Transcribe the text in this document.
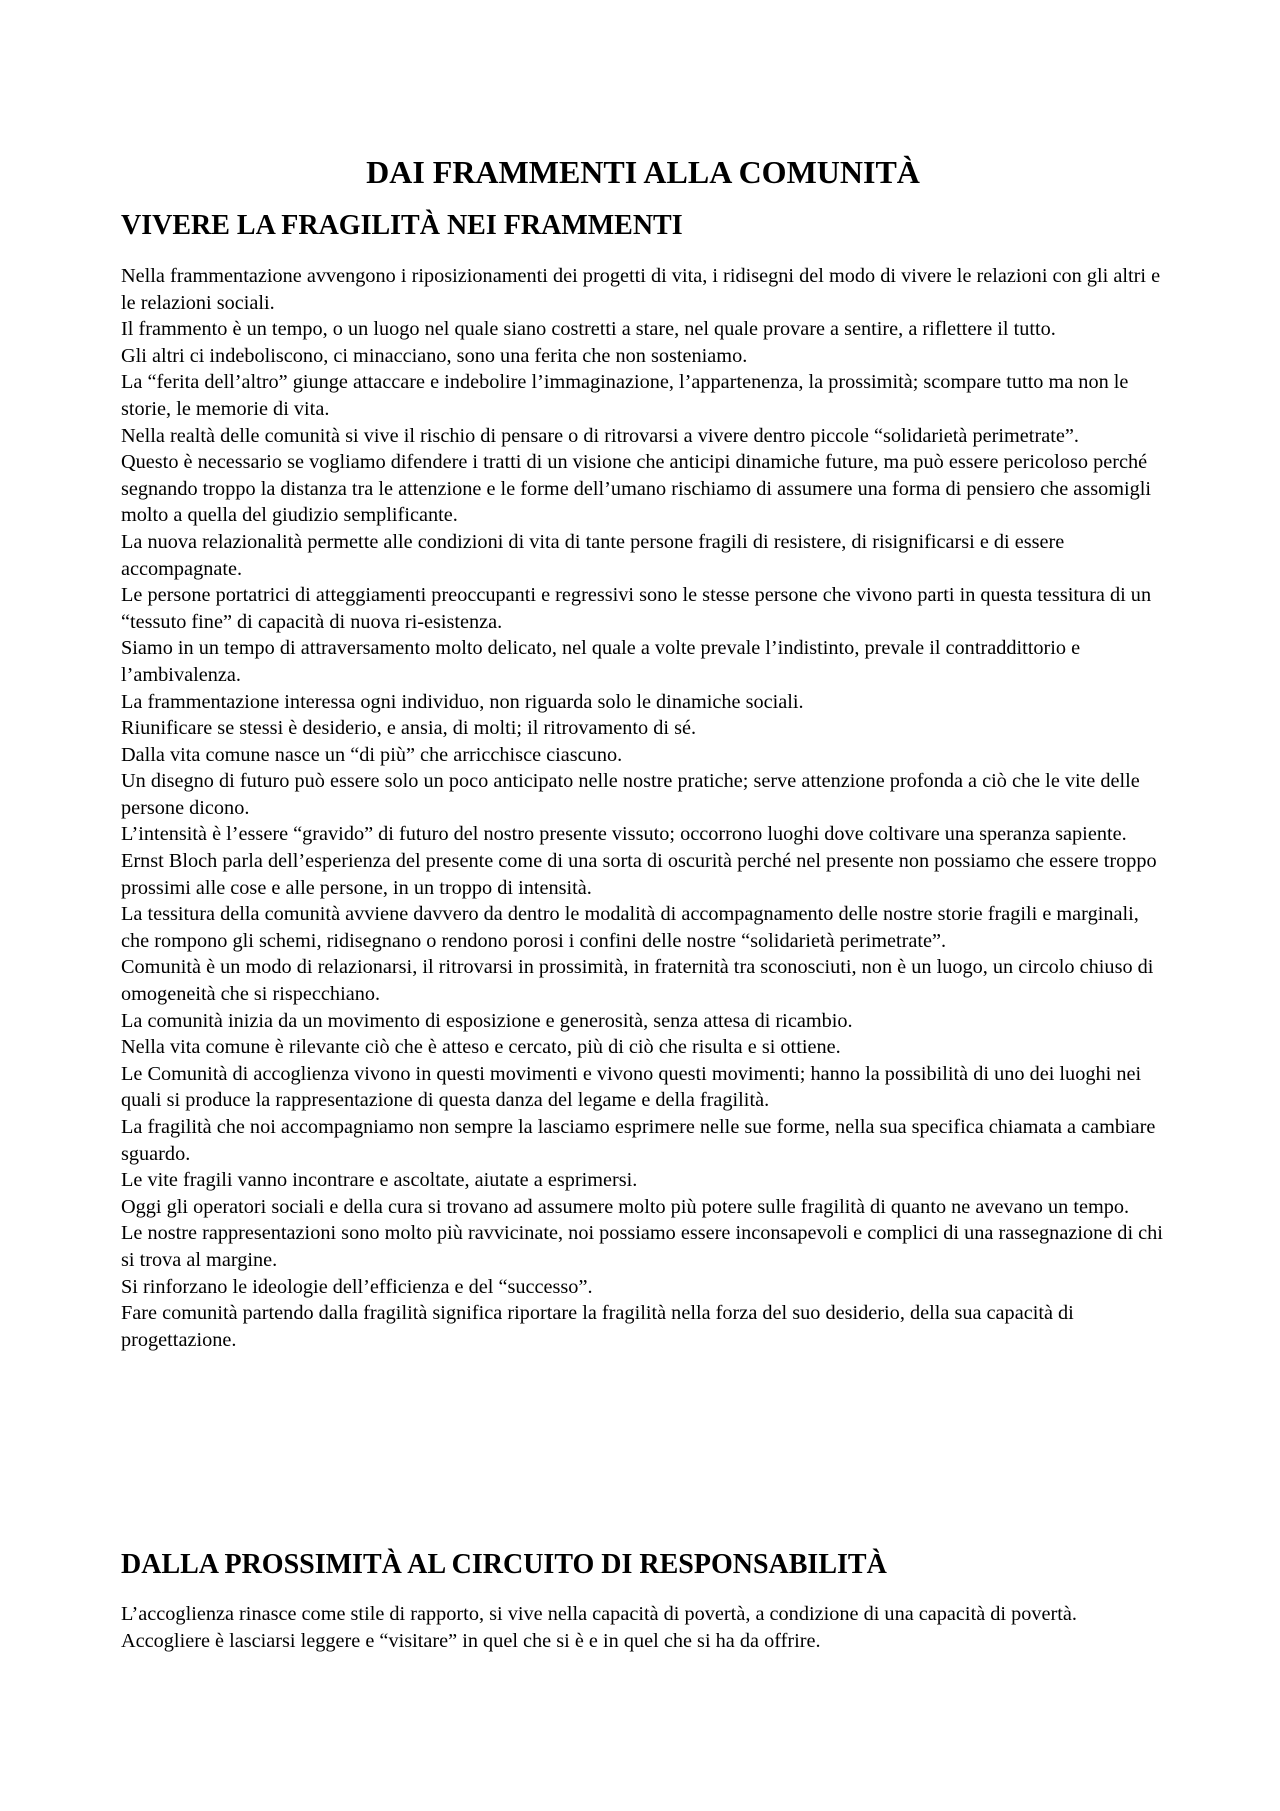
DAI FRAMMENTI ALLA COMUNITÀ
VIVERE LA FRAGILITÀ NEI FRAMMENTI

Nella frammentazione avvengono i riposizionamenti dei progetti di vita, i ridisegni del modo di vivere le relazioni con gli altri e le relazioni sociali.

Il frammento è un tempo, o un luogo nel quale siano costretti a stare, nel quale provare a sentire, a riflettere il tutto.

Gli altri ci indeboliscono, ci minacciano, sono una ferita che non sosteniamo.

La “ferita dell’altro” giunge attaccare e indebolire l’immaginazione, l’appartenenza, la prossimità; scompare tutto ma non le storie, le memorie di vita.

Nella realtà delle comunità si vive il rischio di pensare o di ritrovarsi a vivere dentro piccole “solidarietà perimetrate”.

Questo è necessario se vogliamo difendere i tratti di un visione che anticipi dinamiche future, ma può essere pericoloso perché segnando troppo la distanza tra le attenzione e le forme dell’umano rischiamo di assumere una forma di pensiero che assomigli molto a quella del giudizio semplificante.

La nuova relazionalità permette alle condizioni di vita di tante persone fragili di resistere, di risignificarsi e di essere accompagnate.

Le persone portatrici di atteggiamenti preoccupanti e regressivi sono le stesse persone che vivono parti in questa tessitura di un “tessuto fine” di capacità di nuova ri-esistenza.

Siamo in un tempo di attraversamento molto delicato, nel quale a volte prevale l’indistinto, prevale il contraddittorio e l’ambivalenza.

La frammentazione interessa ogni individuo, non riguarda solo le dinamiche sociali.

Riunificare se stessi è desiderio, e ansia, di molti; il ritrovamento di sé.

Dalla vita comune nasce un “di più” che arricchisce ciascuno.

Un disegno di futuro può essere solo un poco anticipato nelle nostre pratiche; serve attenzione profonda a ciò che le vite delle persone dicono.

L’intensità è l’essere “gravido” di futuro del nostro presente vissuto; occorrono luoghi dove coltivare una speranza sapiente.

Ernst Bloch parla dell’esperienza del presente come di una sorta di oscurità perché nel presente non possiamo che essere troppo prossimi alle cose e alle persone, in un troppo di intensità.

La tessitura della comunità avviene davvero da dentro le modalità di accompagnamento delle nostre storie fragili e marginali, che rompono gli schemi, ridisegnano o rendono porosi i confini delle nostre “solidarietà perimetrate”.

Comunità è un modo di relazionarsi, il ritrovarsi in prossimità, in fraternità tra sconosciuti, non è un luogo, un circolo chiuso di omogeneità che si rispecchiano.

La comunità inizia da un movimento di esposizione e generosità, senza attesa di ricambio.

Nella vita comune è rilevante ciò che è atteso e cercato, più di ciò che risulta e si ottiene.

Le Comunità di accoglienza vivono in questi movimenti e vivono questi movimenti; hanno la possibilità di uno dei luoghi nei quali si produce la rappresentazione di questa danza del legame e della fragilità.

La fragilità che noi accompagniamo non sempre la lasciamo esprimere nelle sue forme, nella sua specifica chiamata a cambiare sguardo.

Le vite fragili vanno incontrare e ascoltate, aiutate a esprimersi.

Oggi gli operatori sociali e della cura si trovano ad assumere molto più potere sulle fragilità di quanto ne avevano un tempo.

Le nostre rappresentazioni sono molto più ravvicinate, noi possiamo essere inconsapevoli e complici di una rassegnazione di chi si trova al margine.

Si rinforzano le ideologie dell’efficienza e del “successo”.

Fare comunità partendo dalla fragilità significa riportare la fragilità nella forza del suo desiderio, della sua capacità di progettazione.

DALLA PROSSIMITÀ AL CIRCUITO DI RESPONSABILITÀ

L’accoglienza rinasce come stile di rapporto, si vive nella capacità di povertà, a condizione di una capacità di povertà.

Accogliere è lasciarsi leggere e “visitare” in quel che si è e in quel che si ha da offrire.
